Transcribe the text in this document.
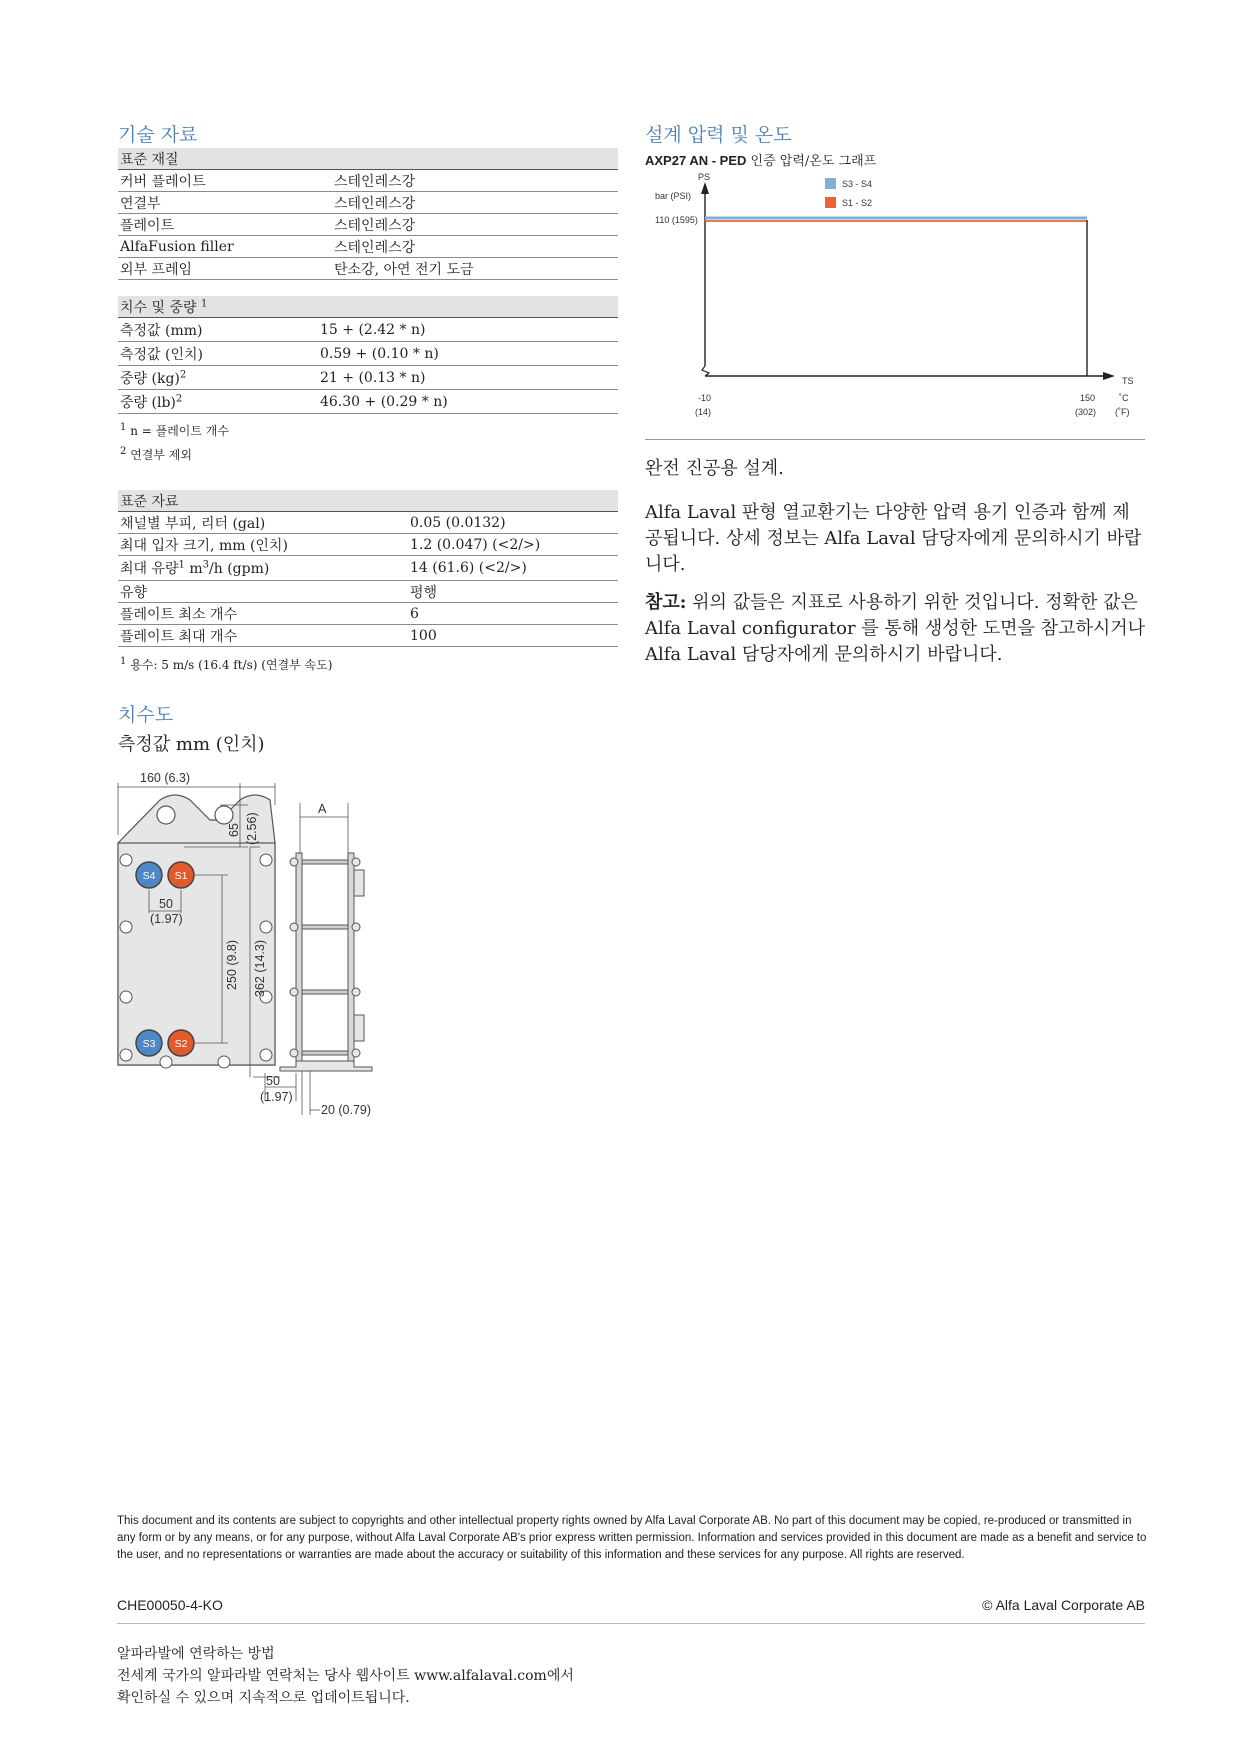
기술 자료
표준 재질	
커버 플레이트	스테인레스강
연결부	스테인레스강
플레이트	스테인레스강
AlfaFusion filler	스테인레스강
외부 프레임	탄소강, 아연 전기 도금
치수 및 중량 $^1$
측정값 (mm)	15 + (2.42 * n)
측정값 (인치)	0.59 + (0.10 * n)
중량 (kg)$^2$	21 + (0.13 * n)
중량 (lb)$^2$	46.30 + (0.29 * n)
$^1$ n = 플레이트 개수
$^2$ 연결부 제외
표준 자료	
채널별 부피, 리터 (gal)	0.05 (0.0132)
최대 입자 크기, mm (인치)	1.2 (0.047) (<2/>)
최대 유량$^1$ $m^3/h$ (gpm)	14 (61.6) (<2/>)
유향	평행
플레이트 최소 개수	6
플레이트 최대 개수	100
$^1$ 용수: 5 m/s (16.4 ft/s) (연결부 속도)
치수도
측정값 mm (인치)
160 (6.3)
S4 S1
S3 S2
50
(1.97)
65 (2.56)
250 (9.8) 362 (14.3)
A
50
(1.97)
20 (0.79)
설계 압력 및 온도
AXP27 AN - PED 인증 압력/온도 그래프
PS
bar (PSI)
110 (1595)
S3 - S4
S1 - S2
TS
-10
(14)
150
(302)
˚C
(˚F)
완전 진공용 설계.
Alfa Laval 판형 열교환기는 다양한 압력 용기 인증과 함께 제공됩니다. 상세 정보는 Alfa Laval 담당자에게 문의하시기 바랍니다.
참고: 위의 값들은 지표로 사용하기 위한 것입니다. 정확한 값은 Alfa Laval configurator 를 통해 생성한 도면을 참고하시거나 Alfa Laval 담당자에게 문의하시기 바랍니다.
This document and its contents are subject to copyrights and other intellectual property rights owned by Alfa Laval Corporate AB. No part of this document may be copied, re-produced or transmitted in any form or by any means, or for any purpose, without Alfa Laval Corporate AB's prior express written permission. Information and services provided in this document are made as a benefit and service to the user, and no representations or warranties are made about the accuracy or suitability of this information and these services for any purpose. All rights are reserved.
CHE00050-4-KO	© Alfa Laval Corporate AB
알파라발에 연락하는 방법
전세계 국가의 알파라발 연락처는 당사 웹사이트 www.alfalaval.com에서
확인하실 수 있으며 지속적으로 업데이트됩니다.
